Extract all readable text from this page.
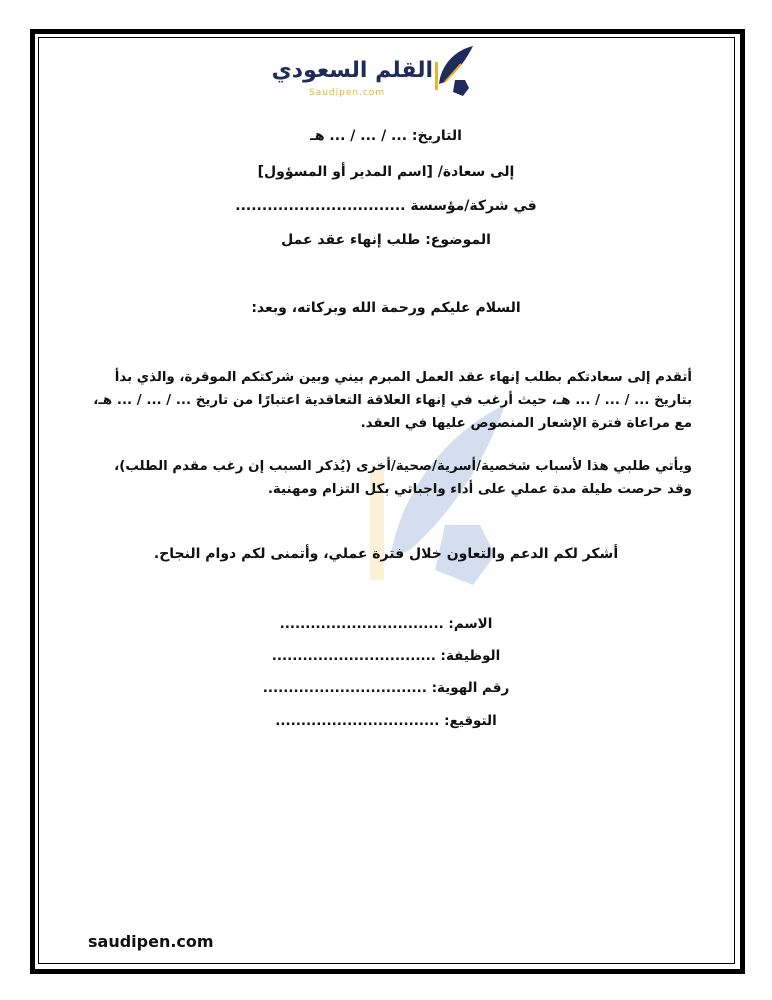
القلم السعودي
Saudipen.com
التاريخ: ... / ... / ... هـ
إلى سعادة/ [اسم المدير أو المسؤول]
في شركة/مؤسسة ................................
الموضوع: طلب إنهاء عقد عمل
السلام عليكم ورحمة الله وبركاته، وبعد:
أتقدم إلى سعادتكم بطلب إنهاء عقد العمل المبرم بيني وبين شركتكم الموقرة، والذي بدأ بتاريخ ... / ... / ... هـ، حيث أرغب في إنهاء العلاقة التعاقدية اعتبارًا من تاريخ ... / ... / ... هـ، مع مراعاة فترة الإشعار المنصوص عليها في العقد.
ويأتي طلبي هذا لأسباب شخصية/أسرية/صحية/أخرى (يُذكر السبب إن رغب مقدم الطلب)، وقد حرصت طيلة مدة عملي على أداء واجباتي بكل التزام ومهنية.
أشكر لكم الدعم والتعاون خلال فترة عملي، وأتمنى لكم دوام النجاح.
الاسم: ................................
الوظيفة: ................................
رقم الهوية: ................................
التوقيع: ................................
saudipen.com
